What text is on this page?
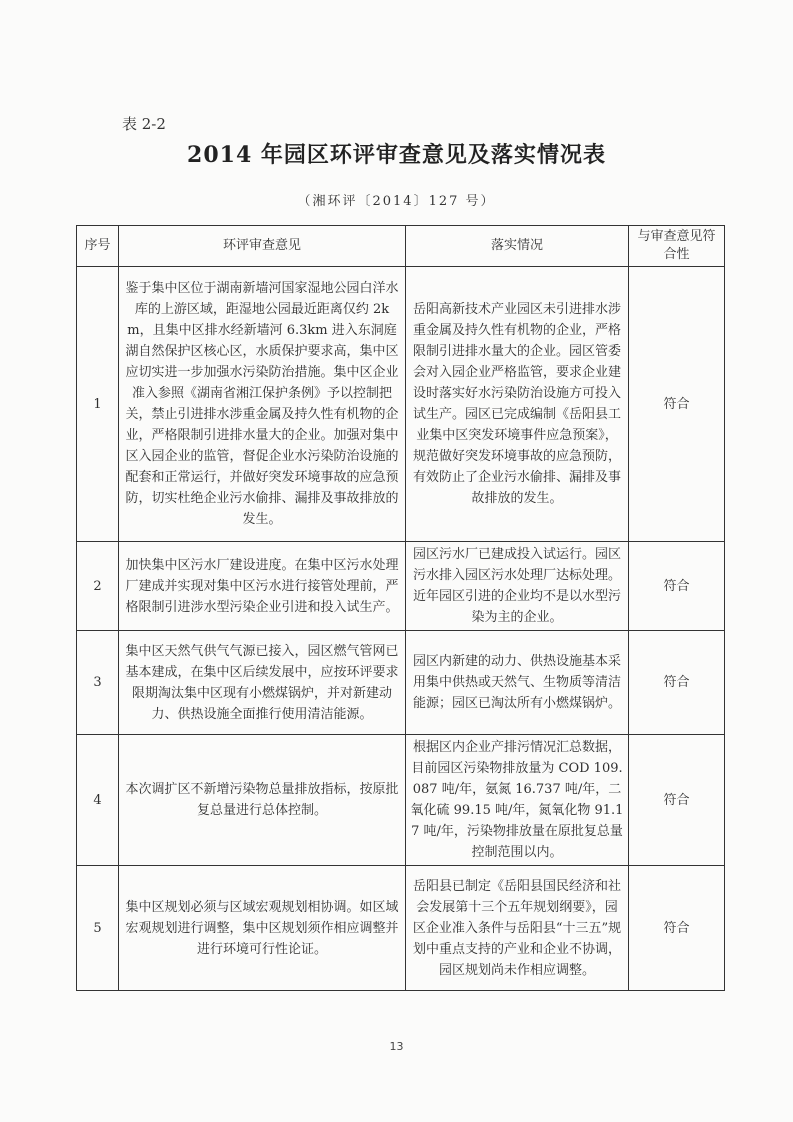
表 2-2
2014 年园区环评审查意见及落实情况表
（湘环评〔2014〕127 号）
序号	环评审查意见	落实情况	与审查意见符合性
1	鉴于集中区位于湖南新墙河国家湿地公园白洋水库的上游区域，距湿地公园最近距离仅约 2km，且集中区排水经新墙河 6.3km 进入东洞庭湖自然保护区核心区，水质保护要求高，集中区应切实进一步加强水污染防治措施。集中区企业准入参照《湖南省湘江保护条例》予以控制把关，禁止引进排水涉重金属及持久性有机物的企业，严格限制引进排水量大的企业。加强对集中区入园企业的监管，督促企业水污染防治设施的配套和正常运行，并做好突发环境事故的应急预防，切实杜绝企业污水偷排、漏排及事故排放的发生。	岳阳高新技术产业园区未引进排水涉重金属及持久性有机物的企业，严格限制引进排水量大的企业。园区管委会对入园企业严格监管，要求企业建设时落实好水污染防治设施方可投入试生产。园区已完成编制《岳阳县工业集中区突发环境事件应急预案》，规范做好突发环境事故的应急预防，有效防止了企业污水偷排、漏排及事故排放的发生。	符合
2	加快集中区污水厂建设进度。在集中区污水处理厂建成并实现对集中区污水进行接管处理前，严格限制引进涉水型污染企业引进和投入试生产。	园区污水厂已建成投入试运行。园区污水排入园区污水处理厂达标处理。近年园区引进的企业均不是以水型污染为主的企业。	符合
3	集中区天然气供气气源已接入，园区燃气管网已基本建成，在集中区后续发展中，应按环评要求限期淘汰集中区现有小燃煤锅炉，并对新建动力、供热设施全面推行使用清洁能源。	园区内新建的动力、供热设施基本采用集中供热或天然气、生物质等清洁能源；园区已淘汰所有小燃煤锅炉。	符合
4	本次调扩区不新增污染物总量排放指标，按原批复总量进行总体控制。	根据区内企业产排污情况汇总数据，目前园区污染物排放量为 COD 109.087 吨/年，氨氮 16.737 吨/年，二氧化硫 99.15 吨/年，氮氧化物 91.17 吨/年，污染物排放量在原批复总量控制范围以内。	符合
5	集中区规划必须与区域宏观规划相协调。如区域宏观规划进行调整，集中区规划须作相应调整并进行环境可行性论证。	岳阳县已制定《岳阳县国民经济和社会发展第十三个五年规划纲要》，园区企业准入条件与岳阳县“十三五”规划中重点支持的产业和企业不协调，园区规划尚未作相应调整。	符合
13
